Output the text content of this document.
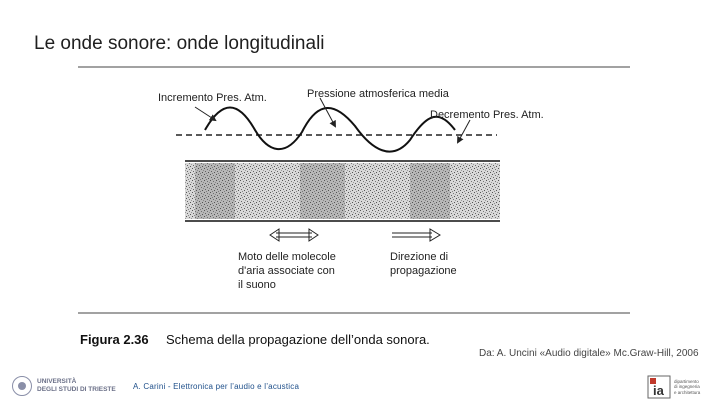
Le onde sonore: onde longitudinali
Incremento Pres. Atm.	Pressione atmosferica media
Decremento Pres. Atm.
Moto delle molecole
d'aria associate con
il suono
Direzione di
propagazione
Figura 2.36 Schema della propagazione dell’onda sonora.
Da: A. Uncini «Audio digitale» Mc.Graw-Hill, 2006
UNIVERSITÀ
DEGLI STUDI DI TRIESTE A. Carini - Elettronica per l’audio e l’acustica	ia
dipartimento
di ingegneria
e architettura
